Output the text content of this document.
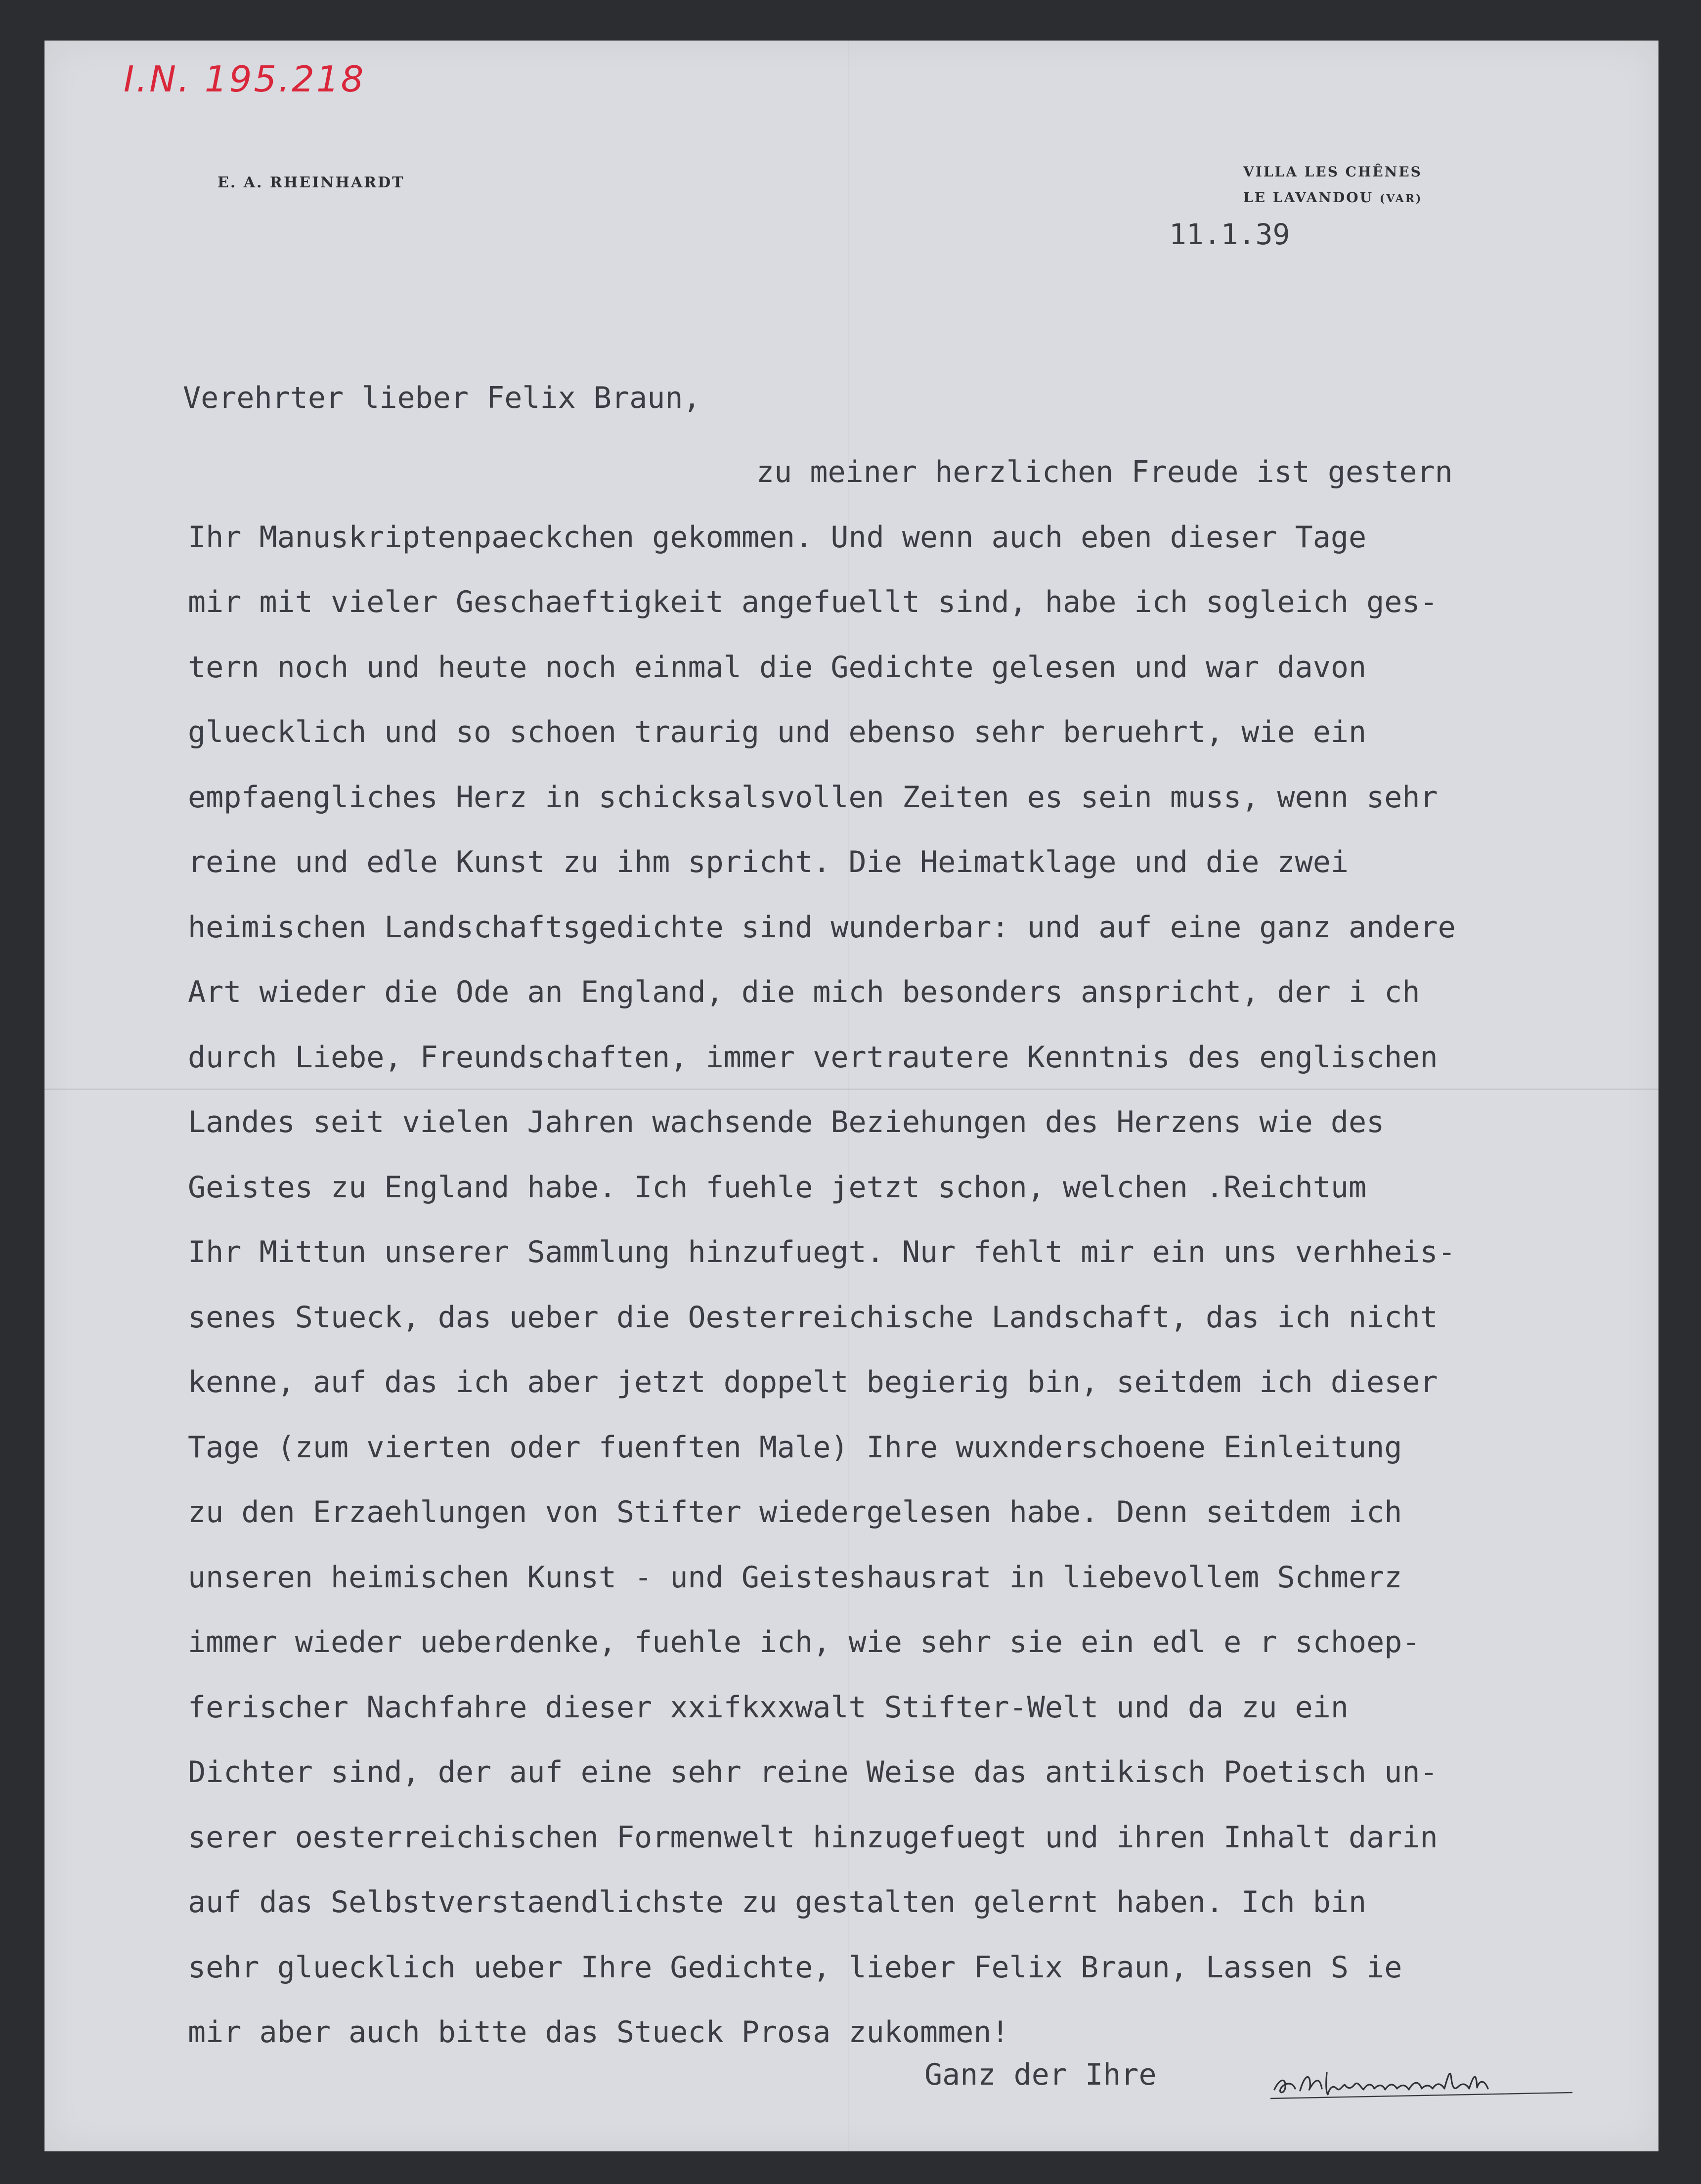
I.N. 195.218
E. A. RHEINHARDT
VILLA LES CHÊNES
LE LAVANDOU (VAR)
11.1.39
Verehrter lieber Felix Braun,
zu meiner herzlichen Freude ist gestern
Ihr Manuskriptenpaeckchen gekommen. Und wenn auch eben dieser Tage
mir mit vieler Geschaeftigkeit angefuellt sind, habe ich sogleich ges-
tern noch und heute noch einmal die Gedichte gelesen und war davon
gluecklich und so schoen traurig und ebenso sehr beruehrt, wie ein
empfaengliches Herz in schicksalsvollen Zeiten es sein muss, wenn sehr
reine und edle Kunst zu ihm spricht. Die Heimatklage und die zwei
heimischen Landschaftsgedichte sind wunderbar: und auf eine ganz andere
Art wieder die Ode an England, die mich besonders anspricht, der i ch
durch Liebe, Freundschaften, immer vertrautere Kenntnis des englischen
Landes seit vielen Jahren wachsende Beziehungen des Herzens wie des
Geistes zu England habe. Ich fuehle jetzt schon, welchen .Reichtum
Ihr Mittun unserer Sammlung hinzufuegt. Nur fehlt mir ein uns verhheis-
senes Stueck, das ueber die Oesterreichische Landschaft, das ich nicht
kenne, auf das ich aber jetzt doppelt begierig bin, seitdem ich dieser
Tage (zum vierten oder fuenften Male) Ihre wuxnderschoene Einleitung
zu den Erzaehlungen von Stifter wiedergelesen habe. Denn seitdem ich
unseren heimischen Kunst - und Geisteshausrat in liebevollem Schmerz
immer wieder ueberdenke, fuehle ich, wie sehr sie ein edl e r schoep-
ferischer Nachfahre dieser xxifkxxwalt Stifter-Welt und da zu ein
Dichter sind, der auf eine sehr reine Weise das antikisch Poetisch un-
serer oesterreichischen Formenwelt hinzugefuegt und ihren Inhalt darin
auf das Selbstverstaendlichste zu gestalten gelernt haben. Ich bin
sehr gluecklich ueber Ihre Gedichte, lieber Felix Braun, Lassen S ie
mir aber auch bitte das Stueck Prosa zukommen!
Ganz der Ihre
